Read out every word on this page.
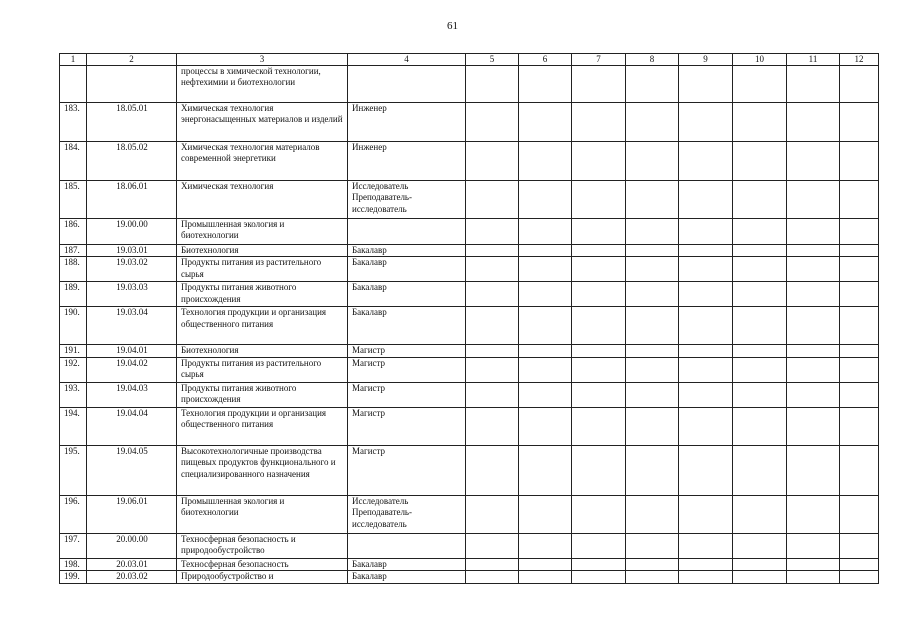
61
1	2	3	4	5	6	7	8	9	10	11	12
		процессы в химической технологии, нефтехимии и биотехнологии									
183.	18.05.01	Химическая технология энергонасыщенных материалов и изделий	Инженер								
184.	18.05.02	Химическая технология материалов современной энергетики	Инженер								
185.	18.06.01	Химическая технология	Исследователь Преподаватель-исследователь								
186.	19.00.00	Промышленная экология и биотехнологии									
187.	19.03.01	Биотехнология	Бакалавр								
188.	19.03.02	Продукты питания из растительного сырья	Бакалавр								
189.	19.03.03	Продукты питания животного происхождения	Бакалавр								
190.	19.03.04	Технология продукции и организация общественного питания	Бакалавр								
191.	19.04.01	Биотехнология	Магистр								
192.	19.04.02	Продукты питания из растительного сырья	Магистр								
193.	19.04.03	Продукты питания животного происхождения	Магистр								
194.	19.04.04	Технология продукции и организация общественного питания	Магистр								
195.	19.04.05	Высокотехнологичные производства пищевых продуктов функционального и специализированного назначения	Магистр								
196.	19.06.01	Промышленная экология и биотехнологии	Исследователь Преподаватель-исследователь								
197.	20.00.00	Техносферная безопасность и природообустройство									
198.	20.03.01	Техносферная безопасность	Бакалавр								
199.	20.03.02	Природообустройство и	Бакалавр								
